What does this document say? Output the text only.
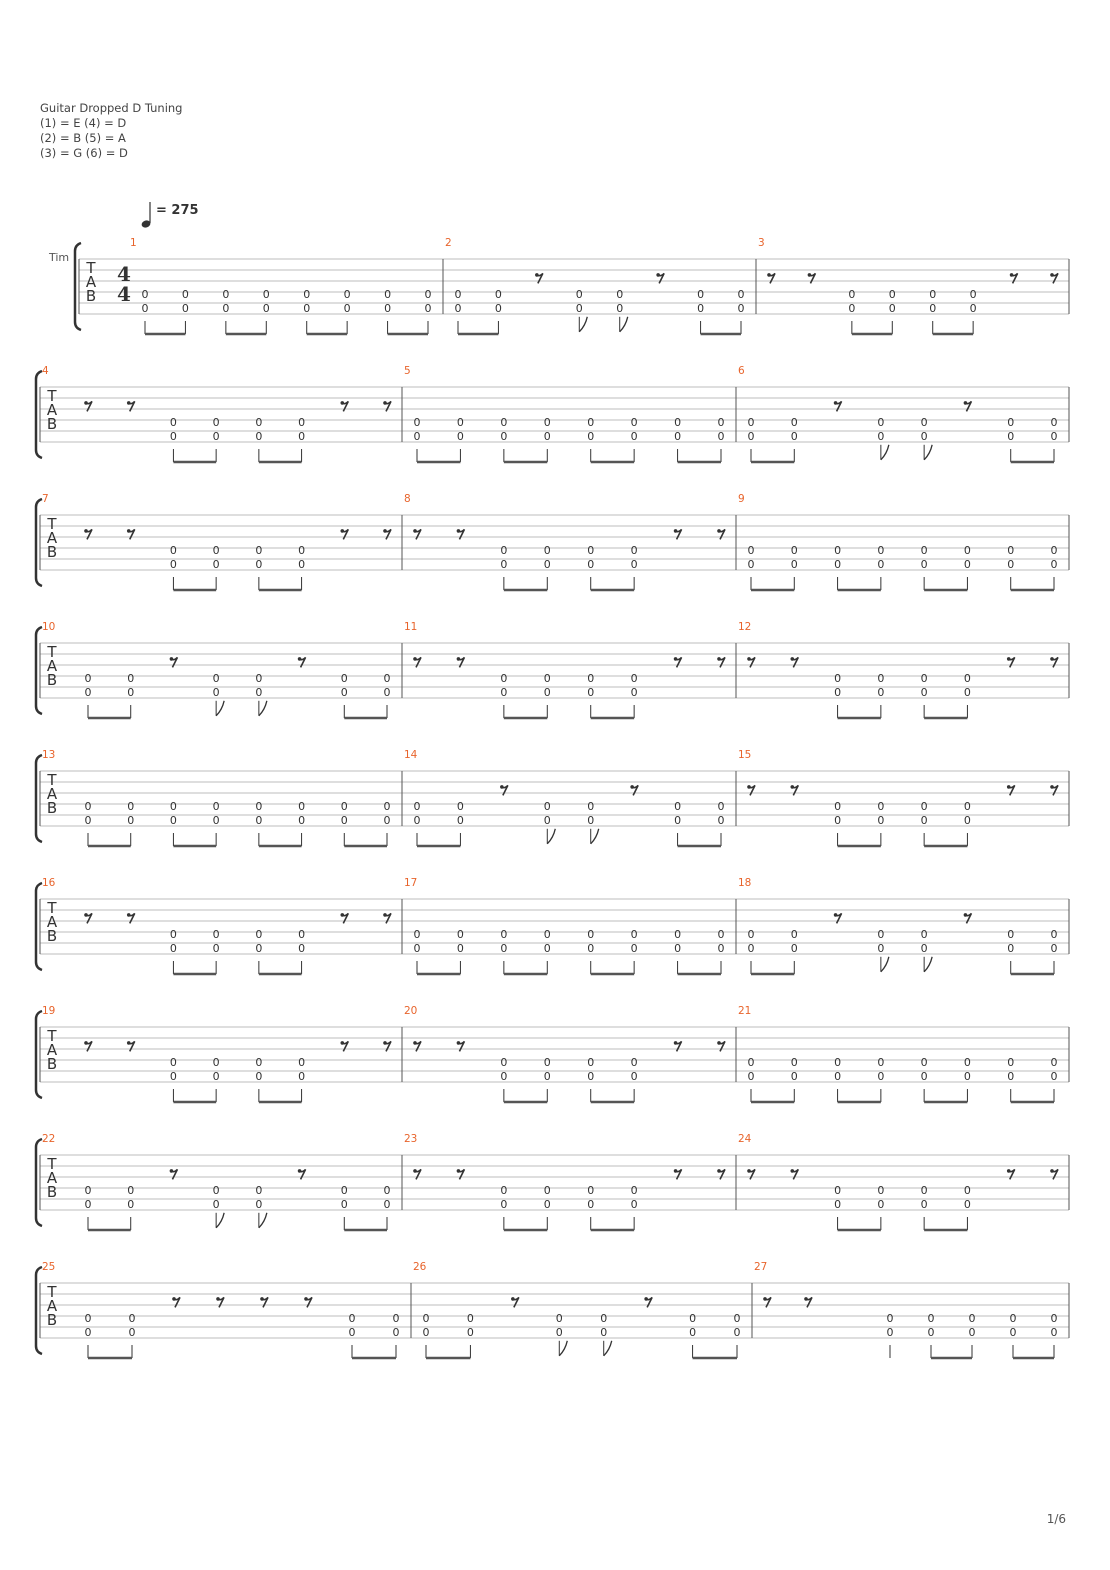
Guitar Dropped D Tuning
(1) = E (4) = D
(2) = B (5) = A
(3) = G (6) = D
= 275
T
A
B
Tim
4
4
1
0
0
0
0
0
0
0
0
0
0
0
0
0
0
0
0
2
0
0
0
0
0
0
0
0
0
0
0
0
3
0
0
0
0
0
0
0
0
T
A
B
4
0
0
0
0
0
0
0
0
5
0
0
0
0
0
0
0
0
0
0
0
0
0
0
0
0
6
0
0
0
0
0
0
0
0
0
0
0
0
T
A
B
7
0
0
0
0
0
0
0
0
8
0
0
0
0
0
0
0
0
9
0
0
0
0
0
0
0
0
0
0
0
0
0
0
0
0
T
A
B
10
0
0
0
0
0
0
0
0
0
0
0
0
11
0
0
0
0
0
0
0
0
12
0
0
0
0
0
0
0
0
T
A
B
13
0
0
0
0
0
0
0
0
0
0
0
0
0
0
0
0
14
0
0
0
0
0
0
0
0
0
0
0
0
15
0
0
0
0
0
0
0
0
T
A
B
16
0
0
0
0
0
0
0
0
17
0
0
0
0
0
0
0
0
0
0
0
0
0
0
0
0
18
0
0
0
0
0
0
0
0
0
0
0
0
T
A
B
19
0
0
0
0
0
0
0
0
20
0
0
0
0
0
0
0
0
21
0
0
0
0
0
0
0
0
0
0
0
0
0
0
0
0
T
A
B
22
0
0
0
0
0
0
0
0
0
0
0
0
23
0
0
0
0
0
0
0
0
24
0
0
0
0
0
0
0
0
T
A
B
25
0
0
0
0
0
0
0
0
26
0
0
0
0
0
0
0
0
0
0
0
0
27
0
0
0
0
0
0
0
0
0
0
1/6
